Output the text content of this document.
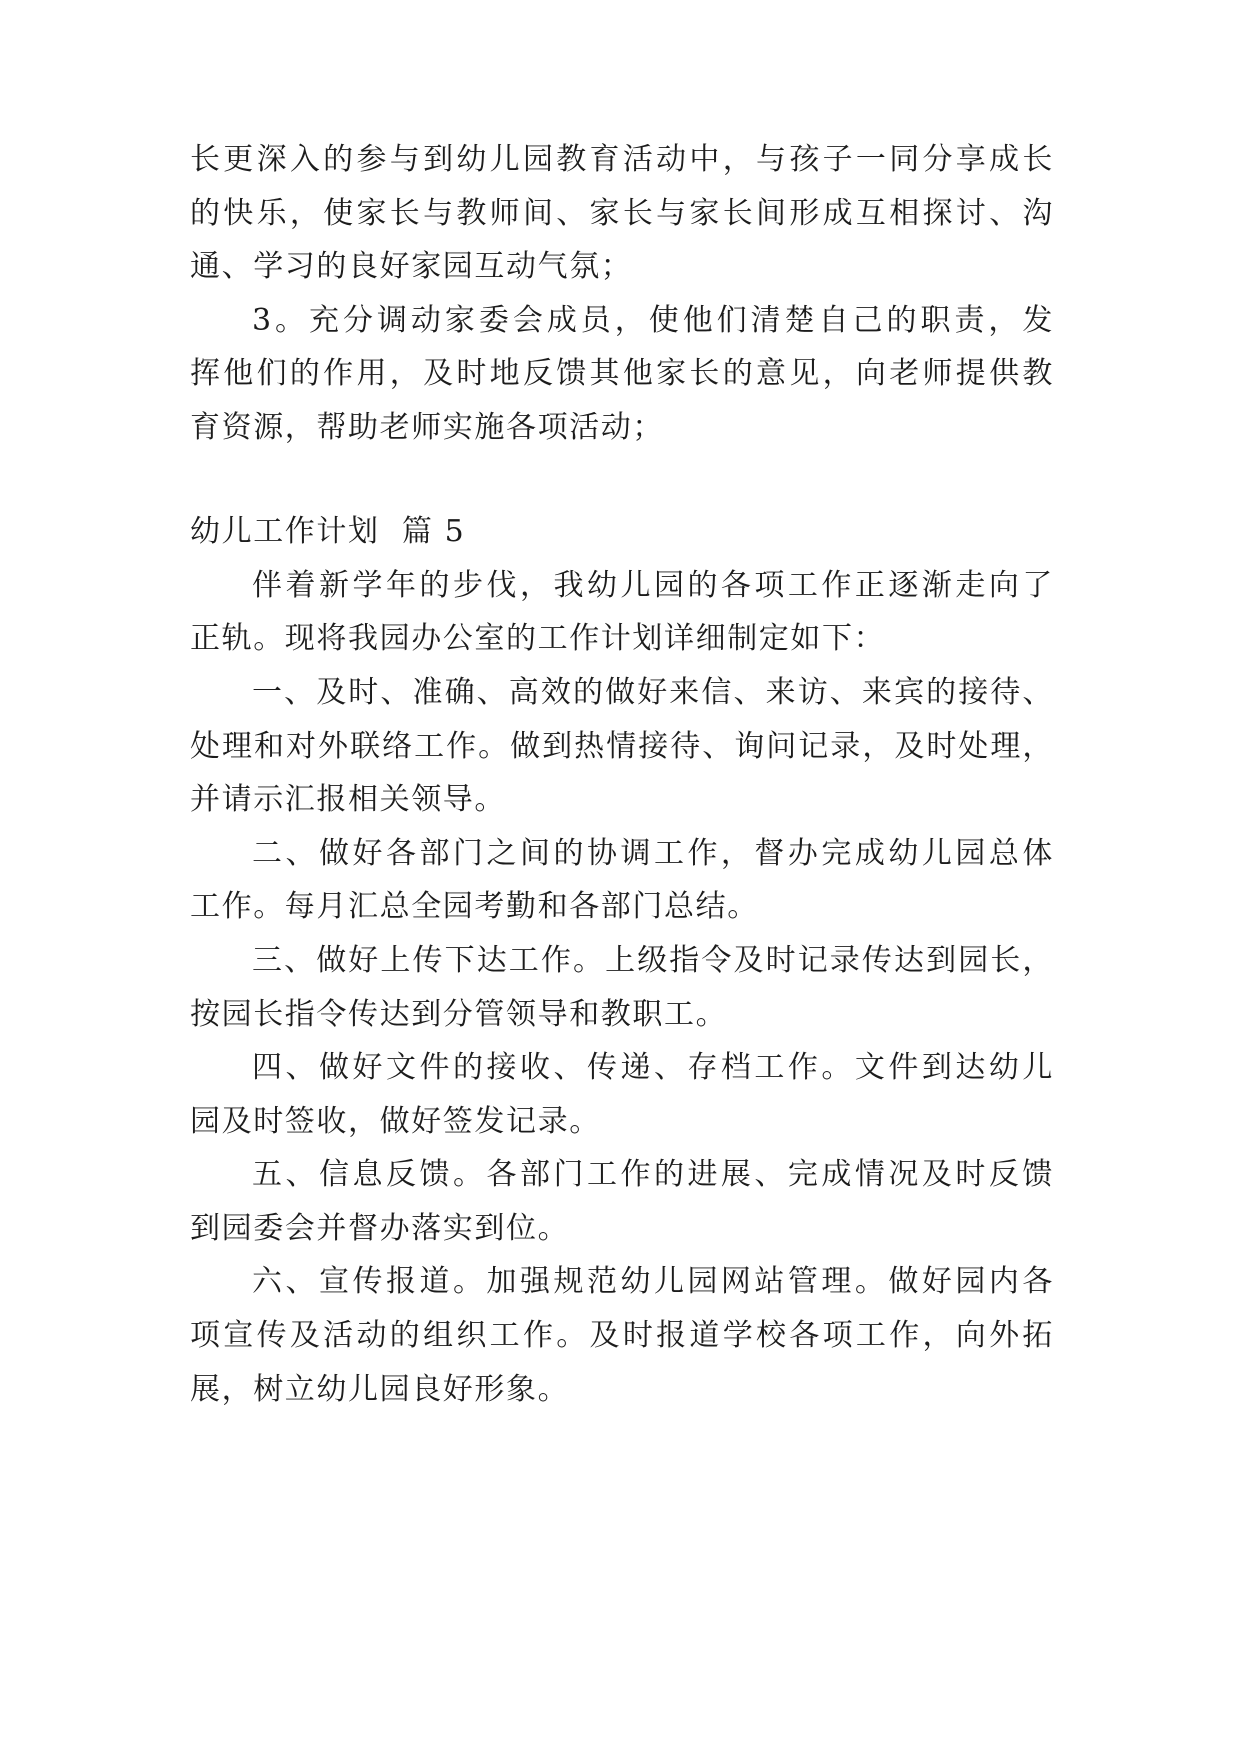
长更深入的参与到幼儿园教育活动中，与孩子一同分享成长
的快乐，使家长与教师间、家长与家长间形成互相探讨、沟
通、学习的良好家园互动气氛；
3。充分调动家委会成员，使他们清楚自己的职责，发
挥他们的作用，及时地反馈其他家长的意见，向老师提供教
育资源，帮助老师实施各项活动；
幼儿工作计划  篇 5
伴着新学年的步伐，我幼儿园的各项工作正逐渐走向了
正轨。现将我园办公室的工作计划详细制定如下：
一、及时、准确、高效的做好来信、来访、来宾的接待、
处理和对外联络工作。做到热情接待、询问记录，及时处理，
并请示汇报相关领导。
二、做好各部门之间的协调工作，督办完成幼儿园总体
工作。每月汇总全园考勤和各部门总结。
三、做好上传下达工作。上级指令及时记录传达到园长，
按园长指令传达到分管领导和教职工。
四、做好文件的接收、传递、存档工作。文件到达幼儿
园及时签收，做好签发记录。
五、信息反馈。各部门工作的进展、完成情况及时反馈
到园委会并督办落实到位。
六、宣传报道。加强规范幼儿园网站管理。做好园内各
项宣传及活动的组织工作。及时报道学校各项工作，向外拓
展，树立幼儿园良好形象。
